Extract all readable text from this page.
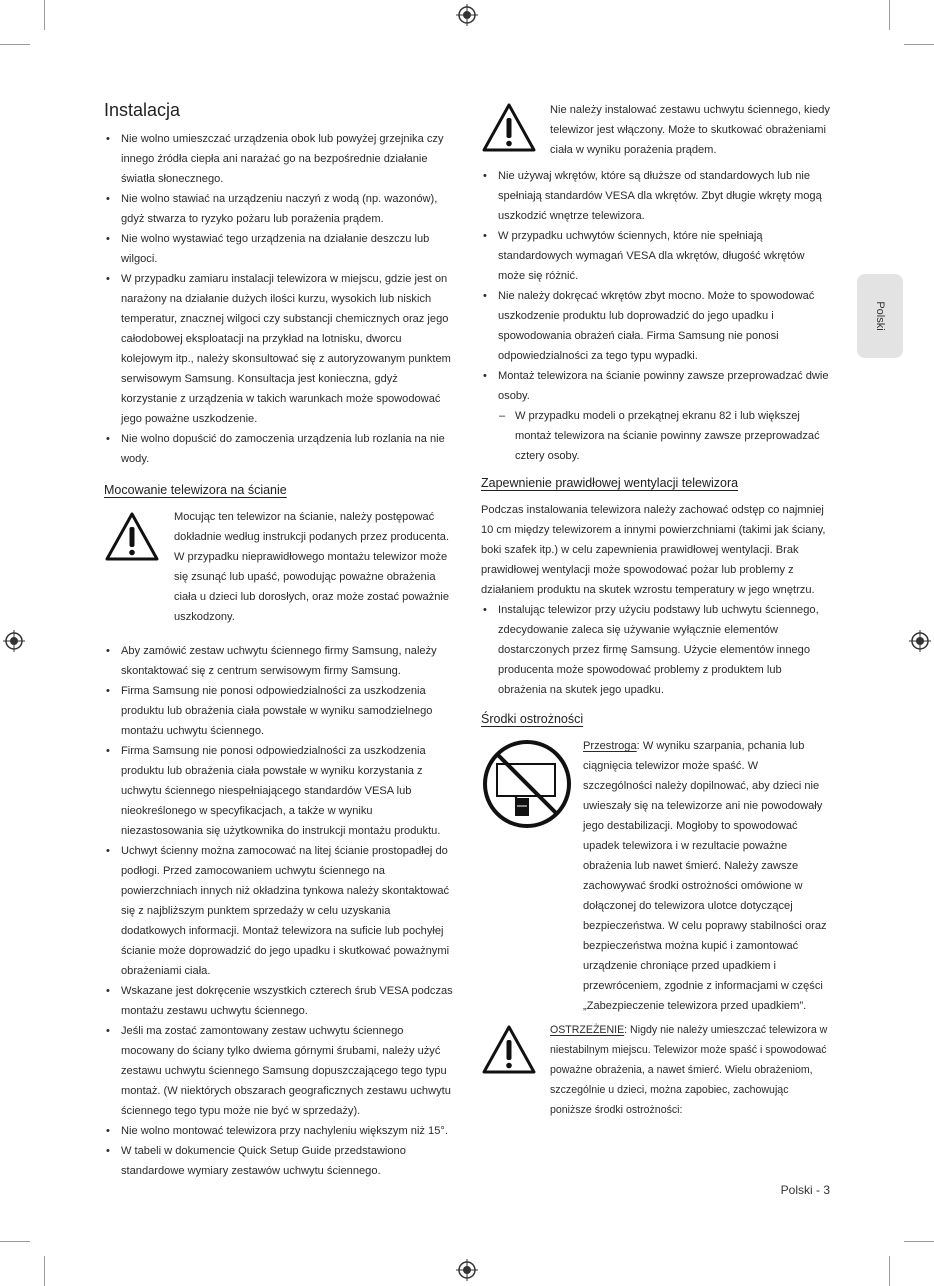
Instalacja
• Nie wolno umieszczać urządzenia obok lub powyżej grzejnika czy innego źródła ciepła ani narażać go na bezpośrednie działanie światła słonecznego.
• Nie wolno stawiać na urządzeniu naczyń z wodą (np. wazonów), gdyż stwarza to ryzyko pożaru lub porażenia prądem.
• Nie wolno wystawiać tego urządzenia na działanie deszczu lub wilgoci.
• W przypadku zamiaru instalacji telewizora w miejscu, gdzie jest on narażony na działanie dużych ilości kurzu, wysokich lub niskich temperatur, znacznej wilgoci czy substancji chemicznych oraz jego całodobowej eksploatacji na przykład na lotnisku, dworcu kolejowym itp., należy skonsultować się z autoryzowanym punktem serwisowym Samsung. Konsultacja jest konieczna, gdyż korzystanie z urządzenia w takich warunkach może spowodować jego poważne uszkodzenie.
• Nie wolno dopuścić do zamoczenia urządzenia lub rozlania na nie wody.
Mocowanie telewizora na ścianie
Mocując ten telewizor na ścianie, należy postępować dokładnie według instrukcji podanych przez producenta. W przypadku nieprawidłowego montażu telewizor może się zsunąć lub upaść, powodując poważne obrażenia ciała u dzieci lub dorosłych, oraz może zostać poważnie uszkodzony.
• Aby zamówić zestaw uchwytu ściennego firmy Samsung, należy skontaktować się z centrum serwisowym firmy Samsung.
• Firma Samsung nie ponosi odpowiedzialności za uszkodzenia produktu lub obrażenia ciała powstałe w wyniku samodzielnego montażu uchwytu ściennego.
• Firma Samsung nie ponosi odpowiedzialności za uszkodzenia produktu lub obrażenia ciała powstałe w wyniku korzystania z uchwytu ściennego niespełniającego standardów VESA lub nieokreślonego w specyfikacjach, a także w wyniku niezastosowania się użytkownika do instrukcji montażu produktu.
• Uchwyt ścienny można zamocować na litej ścianie prostopadłej do podłogi. Przed zamocowaniem uchwytu ściennego na powierzchniach innych niż okładzina tynkowa należy skontaktować się z najbliższym punktem sprzedaży w celu uzyskania dodatkowych informacji. Montaż telewizora na suficie lub pochyłej ścianie może doprowadzić do jego upadku i skutkować poważnymi obrażeniami ciała.
• Wskazane jest dokręcenie wszystkich czterech śrub VESA podczas montażu zestawu uchwytu ściennego.
• Jeśli ma zostać zamontowany zestaw uchwytu ściennego mocowany do ściany tylko dwiema górnymi śrubami, należy użyć zestawu uchwytu ściennego Samsung dopuszczającego tego typu montaż. (W niektórych obszarach geograficznych zestawu uchwytu ściennego tego typu może nie być w sprzedaży).
• Nie wolno montować telewizora przy nachyleniu większym niż 15°.
• W tabeli w dokumencie Quick Setup Guide przedstawiono standardowe wymiary zestawów uchwytu ściennego.
Nie należy instalować zestawu uchwytu ściennego, kiedy telewizor jest włączony. Może to skutkować obrażeniami ciała w wyniku porażenia prądem.
• Nie używaj wkrętów, które są dłuższe od standardowych lub nie spełniają standardów VESA dla wkrętów. Zbyt długie wkręty mogą uszkodzić wnętrze telewizora.
• W przypadku uchwytów ściennych, które nie spełniają standardowych wymagań VESA dla wkrętów, długość wkrętów może się różnić.
• Nie należy dokręcać wkrętów zbyt mocno. Może to spowodować uszkodzenie produktu lub doprowadzić do jego upadku i spowodowania obrażeń ciała. Firma Samsung nie ponosi odpowiedzialności za tego typu wypadki.
• Montaż telewizora na ścianie powinny zawsze przeprowadzać dwie osoby.
– W przypadku modeli o przekątnej ekranu 82 i lub większej montaż telewizora na ścianie powinny zawsze przeprowadzać cztery osoby.
Zapewnienie prawidłowej wentylacji telewizora
Podczas instalowania telewizora należy zachować odstęp co najmniej 10 cm między telewizorem a innymi powierzchniami (takimi jak ściany, boki szafek itp.) w celu zapewnienia prawidłowej wentylacji. Brak prawidłowej wentylacji może spowodować pożar lub problemy z działaniem produktu na skutek wzrostu temperatury w jego wnętrzu.
• Instalując telewizor przy użyciu podstawy lub uchwytu ściennego, zdecydowanie zaleca się używanie wyłącznie elementów dostarczonych przez firmę Samsung. Użycie elementów innego producenta może spowodować problemy z produktem lub obrażenia na skutek jego upadku.
Środki ostrożności
Przestroga: W wyniku szarpania, pchania lub ciągnięcia telewizor może spaść. W szczególności należy dopilnować, aby dzieci nie uwieszały się na telewizorze ani nie powodowały jego destabilizacji. Mogłoby to spowodować upadek telewizora i w rezultacie poważne obrażenia lub nawet śmierć. Należy zawsze zachowywać środki ostrożności omówione w dołączonej do telewizora ulotce dotyczącej bezpieczeństwa. W celu poprawy stabilności oraz bezpieczeństwa można kupić i zamontować urządzenie chroniące przed upadkiem i przewróceniem, zgodnie z informacjami w części „Zabezpieczenie telewizora przed upadkiem”.
OSTRZEŻENIE: Nigdy nie należy umieszczać telewizora w niestabilnym miejscu. Telewizor może spaść i spowodować poważne obrażenia, a nawet śmierć. Wielu obrażeniom, szczególnie u dzieci, można zapobiec, zachowując poniższe środki ostrożności:
Polski
Polski - 3
